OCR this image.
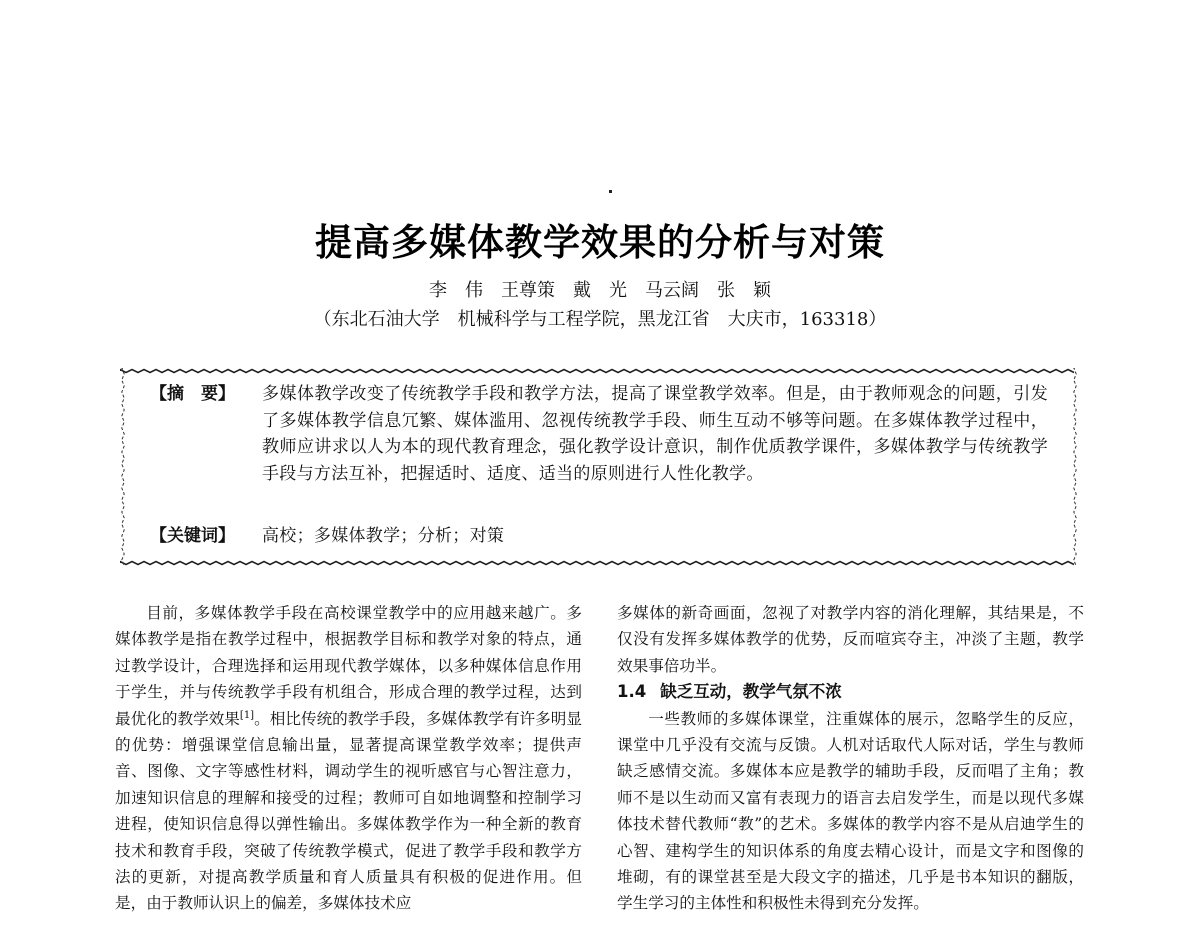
提高多媒体教学效果的分析与对策
李　伟　王尊策　戴　光　马云阔　张　颖
（东北石油大学　机械科学与工程学院，黑龙江省　大庆市，163318）
【摘　要】	多媒体教学改变了传统教学手段和教学方法，提高了课堂教学效率。但是，由于教师观念的问题，引发了多媒体教学信息冗繁、媒体滥用、忽视传统教学手段、师生互动不够等问题。在多媒体教学过程中，教师应讲求以人为本的现代教育理念，强化教学设计意识，制作优质教学课件，多媒体教学与传统教学手段与方法互补，把握适时、适度、适当的原则进行人性化教学。
【关键词】	高校；多媒体教学；分析；对策

目前，多媒体教学手段在高校课堂教学中的应用越来越广。多媒体教学是指在教学过程中，根据教学目标和教学对象的特点，通过教学设计，合理选择和运用现代教学媒体，以多种媒体信息作用于学生，并与传统教学手段有机组合，形成合理的教学过程，达到最优化的教学效果[1]。相比传统的教学手段，多媒体教学有许多明显的优势：增强课堂信息输出量，显著提高课堂教学效率；提供声音、图像、文字等感性材料，调动学生的视听感官与心智注意力，加速知识信息的理解和接受的过程；教师可自如地调整和控制学习进程，使知识信息得以弹性输出。多媒体教学作为一种全新的教育技术和教育手段，突破了传统教学模式，促进了教学手段和教学方法的更新，对提高教学质量和育人质量具有积极的促进作用。但是，由于教师认识上的偏差，多媒体技术应

多媒体的新奇画面，忽视了对教学内容的消化理解，其结果是，不仅没有发挥多媒体教学的优势，反而喧宾夺主，冲淡了主题，教学效果事倍功半。

1.4 缺乏互动，教学气氛不浓

一些教师的多媒体课堂，注重媒体的展示，忽略学生的反应，课堂中几乎没有交流与反馈。人机对话取代人际对话，学生与教师缺乏感情交流。多媒体本应是教学的辅助手段，反而唱了主角；教师不是以生动而又富有表现力的语言去启发学生，而是以现代多媒体技术替代教师“教”的艺术。多媒体的教学内容不是从启迪学生的心智、建构学生的知识体系的角度去精心设计，而是文字和图像的堆砌，有的课堂甚至是大段文字的描述，几乎是书本知识的翻版，学生学习的主体性和积极性未得到充分发挥。
